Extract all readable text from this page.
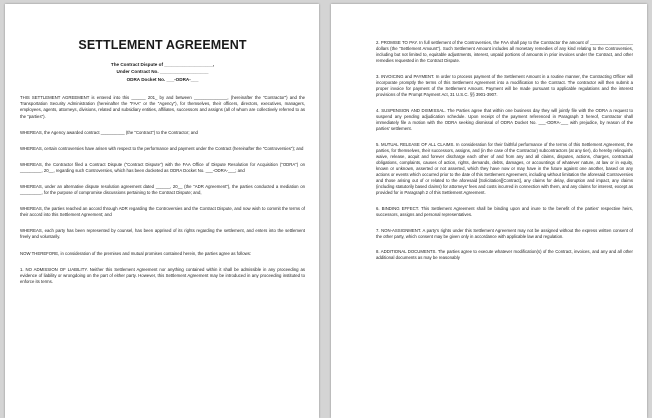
SETTLEMENT AGREEMENT
The Contract Dispute of ___________________,
Under Contract No. ___________________
ODRA Docket No. ___-ODRA-___

THIS SETTLEMENT AGREEMENT is entered into this ______ 201_ by and between ______________, (hereinafter the "Contractor") and the Transportation Security Administration (hereinafter the "FAA" or the "Agency"), for themselves, their officers, directors, executives, managers, employees, agents, attorneys, divisions, related and subsidiary entities, affiliates, successors and assigns (all of whom are collectively referred to as the "parties").

WHEREAS, the Agency awarded contract __________ (the "Contract") to the Contractor; and

WHEREAS, certain controversies have arisen with respect to the performance and payment under the Contract (hereinafter the "Controversies"); and

WHEREAS, the Contractor filed a Contract Dispute ("Contract Dispute") with the FAA Office of Dispute Resolution for Acquisition ("ODRA") on _________, 20__, regarding such Controversies, which has been docketed as ODRA Docket No. ___-ODRA-___; and

WHEREAS, under an alternative dispute resolution agreement dated ______, 20__ (the "ADR Agreement"), the parties conducted a mediation on _________, for the purpose of compromise discussions pertaining to the Contract Dispute; and,

WHEREAS, the parties reached an accord through ADR regarding the Controversies and the Contract Dispute, and now wish to commit the terms of their accord into this Settlement Agreement; and

WHEREAS, each party has been represented by counsel, has been apprised of its rights regarding the settlement, and enters into the settlement freely and voluntarily.

NOW THEREFORE, in consideration of the premises and mutual promises contained herein, the parties agree as follows:

1. NO ADMISSION OF LIABILITY. Neither this Settlement Agreement nor anything contained within it shall be admissible in any proceeding as evidence of liability or wrongdoing on the part of either party. However, this Settlement Agreement may be introduced in any proceeding instituted to enforce its terms.

2. PROMISE TO PAY. In full settlement of the Controversies, the FAA shall pay to the Contractor the amount of __________________ dollars (the "Settlement Amount"). Such Settlement Amount includes all monetary remedies of any kind relating to the Controversies, including but not limited to, equitable adjustments, interest, unpaid portions of amounts in prior invoices under the Contract, and other remedies requested in the Contract Dispute.

3. INVOICING and PAYMENT. In order to process payment of the Settlement Amount in a routine manner, the Contracting Officer will incorporate promptly the terms of this Settlement Agreement into a modification to the Contract. The contractor will then submit a proper invoice for payment of the Settlement Amount. Payment will be made pursuant to applicable regulations and the interest provisions of the Prompt Payment Act, 31 U.S.C. §§ 3901-3907.

4. SUSPENSION AND DISMISSAL. The Parties agree that within one business day they will jointly file with the ODRA a request to suspend any pending adjudication schedule. Upon receipt of the payment referenced in Paragraph 3 hereof, Contractor shall immediately file a motion with the ODRA seeking dismissal of ODRA Docket No. ___-ODRA-___ with prejudice, by reason of the parties' settlement.

5. MUTUAL RELEASE OF ALL CLAIMS. In consideration for their faithful performance of the terms of this Settlement Agreement, the parties, for themselves, their successors, assigns, and (in the case of the Contractor) subcontractors (at any tier), do hereby relinquish, waive, release, acquit and forever discharge each other of and from any and all claims, disputes, actions, charges, contractual obligations, complaints, causes of action, rights, demands, debts, damages, or accountings of whatever nature, at law or in equity, known or unknown, asserted or not asserted, which they have now or may have in the future against one another, based on any actions or events which occurred prior to the date of this Settlement Agreement, including without limitation the aforesaid Controversies and those arising out of or related to the aforesaid [Solicitation][Contract], any claims for delay, disruption and impact, any claims (including statutorily based claims) for attorneys' fees and costs incurred in connection with them, and any claims for interest, except as provided for in Paragraph 2 of this Settlement Agreement.

6. BINDING EFFECT. This Settlement Agreement shall be binding upon and inure to the benefit of the parties' respective heirs, successors, assigns and personal representatives.

7. NON-ASSIGNMENT. A party's rights under this Settlement Agreement may not be assigned without the express written consent of the other party, which consent may be given only in accordance with applicable law and regulation.

8. ADDITIONAL DOCUMENTS. The parties agree to execute whatever modification(s) of the Contract, invoices, and any and all other additional documents as may be reasonably
